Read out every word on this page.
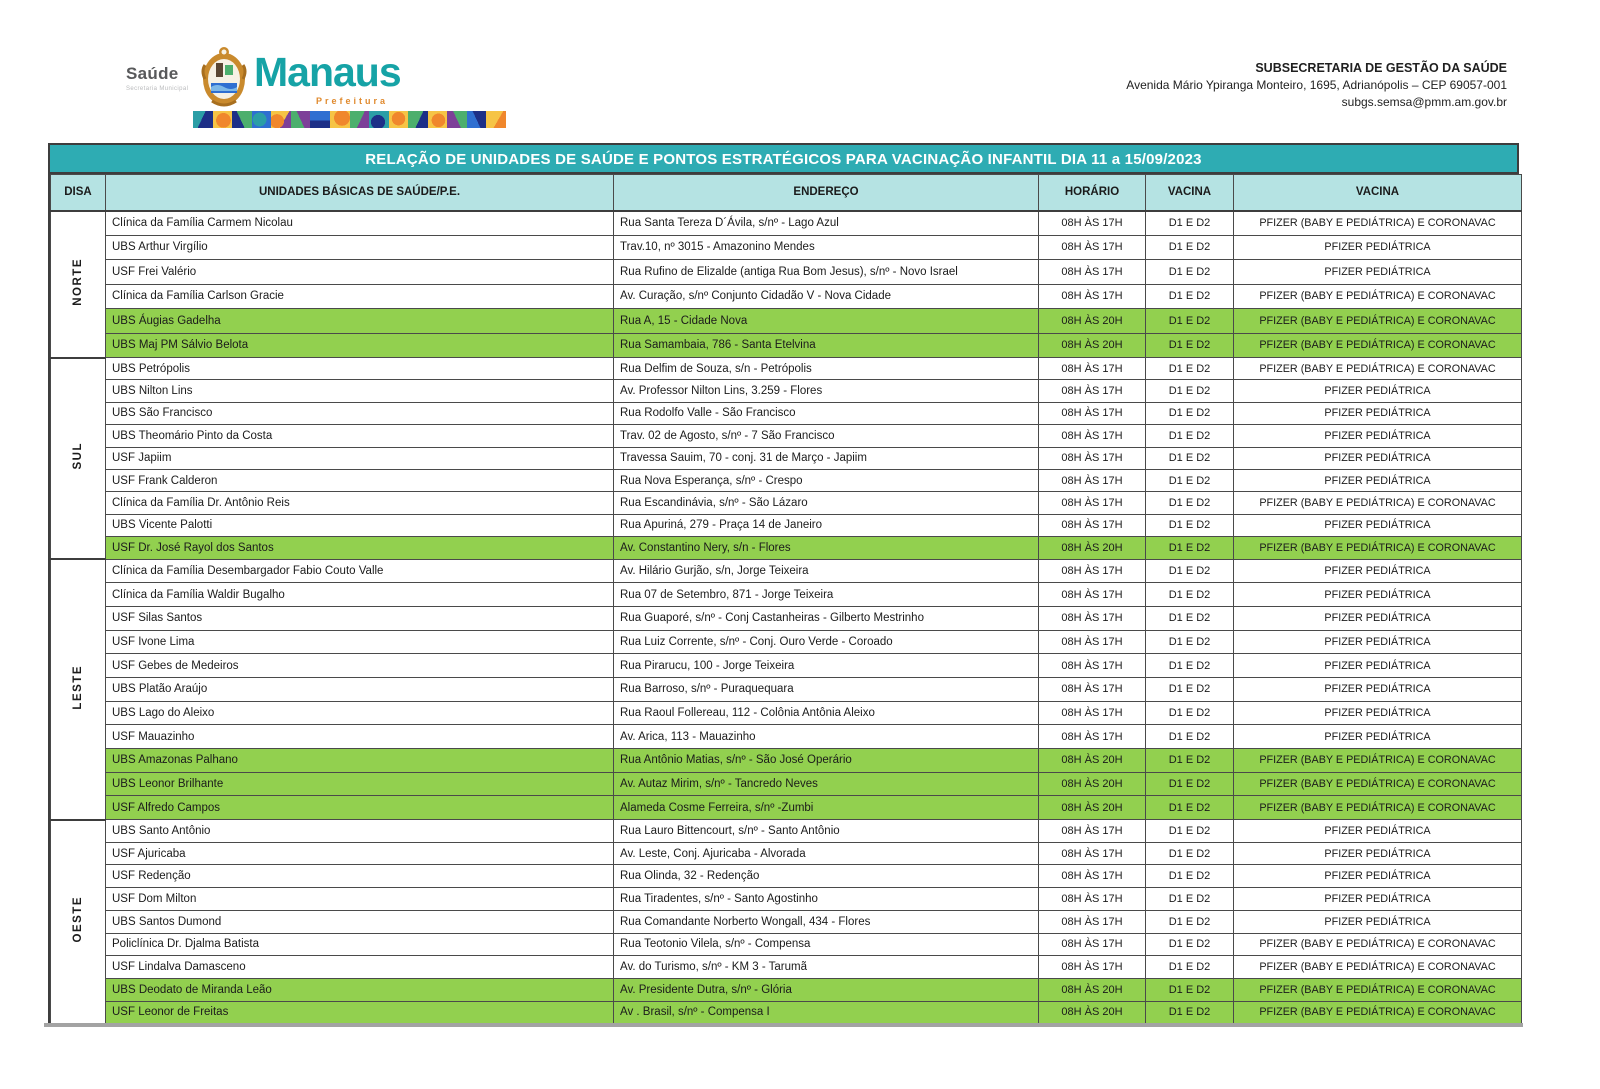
Saúde
Secretaria Municipal Manaus
Prefeitura
SUBSECRETARIA DE GESTÃO DA SAÚDE
Avenida Mário Ypiranga Monteiro, 1695, Adrianópolis – CEP 69057-001
subgs.semsa@pmm.am.gov.br
RELAÇÃO DE UNIDADES DE SAÚDE E PONTOS ESTRATÉGICOS PARA VACINAÇÃO INFANTIL DIA 11 a 15/09/2023
DISA	UNIDADES BÁSICAS DE SAÚDE/P.E.	ENDEREÇO	HORÁRIO	VACINA	VACINA
NORTE	Clínica da Família Carmem Nicolau	Rua Santa Tereza D´Ávila, s/nº - Lago Azul	08H ÀS 17H	D1 E D2	PFIZER (BABY E PEDIÁTRICA) E CORONAVAC
	UBS Arthur Virgílio	Trav.10, nº 3015 - Amazonino Mendes	08H ÀS 17H	D1 E D2	PFIZER PEDIÁTRICA
	USF Frei Valério	Rua Rufino de Elizalde (antiga Rua Bom Jesus), s/nº - Novo Israel	08H ÀS 17H	D1 E D2	PFIZER PEDIÁTRICA
	Clínica da Família Carlson Gracie	Av. Curação, s/nº Conjunto Cidadão V - Nova Cidade	08H ÀS 17H	D1 E D2	PFIZER (BABY E PEDIÁTRICA) E CORONAVAC
	UBS Áugias Gadelha	Rua A, 15 - Cidade Nova	08H ÀS 20H	D1 E D2	PFIZER (BABY E PEDIÁTRICA) E CORONAVAC
	UBS Maj PM Sálvio Belota	Rua Samambaia, 786 - Santa Etelvina	08H ÀS 20H	D1 E D2	PFIZER (BABY E PEDIÁTRICA) E CORONAVAC
SUL	UBS Petrópolis	Rua Delfim de Souza, s/n - Petrópolis	08H ÀS 17H	D1 E D2	PFIZER (BABY E PEDIÁTRICA) E CORONAVAC
	UBS Nilton Lins	Av. Professor Nilton Lins, 3.259 - Flores	08H ÀS 17H	D1 E D2	PFIZER PEDIÁTRICA
	UBS São Francisco	Rua Rodolfo Valle - São Francisco	08H ÀS 17H	D1 E D2	PFIZER PEDIÁTRICA
	UBS Theomário Pinto da Costa	Trav. 02 de Agosto, s/nº - 7 São Francisco	08H ÀS 17H	D1 E D2	PFIZER PEDIÁTRICA
	USF Japiim	Travessa Sauim, 70 - conj. 31 de Março - Japiim	08H ÀS 17H	D1 E D2	PFIZER PEDIÁTRICA
	USF Frank Calderon	Rua Nova Esperança, s/nº - Crespo	08H ÀS 17H	D1 E D2	PFIZER PEDIÁTRICA
	Clínica da Família Dr. Antônio Reis	Rua Escandinávia, s/nº - São Lázaro	08H ÀS 17H	D1 E D2	PFIZER (BABY E PEDIÁTRICA) E CORONAVAC
	UBS Vicente Palotti	Rua Apuriná, 279 - Praça 14 de Janeiro	08H ÀS 17H	D1 E D2	PFIZER PEDIÁTRICA
	USF Dr. José Rayol dos Santos	Av. Constantino Nery, s/n - Flores	08H ÀS 20H	D1 E D2	PFIZER (BABY E PEDIÁTRICA) E CORONAVAC
LESTE	Clínica da Família Desembargador Fabio Couto Valle	Av. Hilário Gurjão, s/n, Jorge Teixeira	08H ÀS 17H	D1 E D2	PFIZER PEDIÁTRICA
	Clínica da Família Waldir Bugalho	Rua 07 de Setembro, 871 - Jorge Teixeira	08H ÀS 17H	D1 E D2	PFIZER PEDIÁTRICA
	USF Silas Santos	Rua Guaporé, s/nº - Conj Castanheiras - Gilberto Mestrinho	08H ÀS 17H	D1 E D2	PFIZER PEDIÁTRICA
	USF Ivone Lima	Rua Luiz Corrente, s/nº - Conj. Ouro Verde - Coroado	08H ÀS 17H	D1 E D2	PFIZER PEDIÁTRICA
	USF Gebes de Medeiros	Rua Pirarucu, 100 - Jorge Teixeira	08H ÀS 17H	D1 E D2	PFIZER PEDIÁTRICA
	UBS Platão Araújo	Rua Barroso, s/nº - Puraquequara	08H ÀS 17H	D1 E D2	PFIZER PEDIÁTRICA
	UBS Lago do Aleixo	Rua Raoul Follereau, 112 - Colônia Antônia Aleixo	08H ÀS 17H	D1 E D2	PFIZER PEDIÁTRICA
	USF Mauazinho	Av. Arica, 113 - Mauazinho	08H ÀS 17H	D1 E D2	PFIZER PEDIÁTRICA
	UBS Amazonas Palhano	Rua Antônio Matias, s/nº - São José Operário	08H ÀS 20H	D1 E D2	PFIZER (BABY E PEDIÁTRICA) E CORONAVAC
	UBS Leonor Brilhante	Av. Autaz Mirim, s/nº - Tancredo Neves	08H ÀS 20H	D1 E D2	PFIZER (BABY E PEDIÁTRICA) E CORONAVAC
	USF Alfredo Campos	Alameda Cosme Ferreira, s/nº -Zumbi	08H ÀS 20H	D1 E D2	PFIZER (BABY E PEDIÁTRICA) E CORONAVAC
OESTE	UBS Santo Antônio	Rua Lauro Bittencourt, s/nº - Santo Antônio	08H ÀS 17H	D1 E D2	PFIZER PEDIÁTRICA
	USF Ajuricaba	Av. Leste, Conj. Ajuricaba - Alvorada	08H ÀS 17H	D1 E D2	PFIZER PEDIÁTRICA
	USF Redenção	Rua Olinda, 32 - Redenção	08H ÀS 17H	D1 E D2	PFIZER PEDIÁTRICA
	USF Dom Milton	Rua Tiradentes, s/nº - Santo Agostinho	08H ÀS 17H	D1 E D2	PFIZER PEDIÁTRICA
	UBS Santos Dumond	Rua Comandante Norberto Wongall, 434 - Flores	08H ÀS 17H	D1 E D2	PFIZER PEDIÁTRICA
	Policlínica Dr. Djalma Batista	Rua Teotonio Vilela, s/nº - Compensa	08H ÀS 17H	D1 E D2	PFIZER (BABY E PEDIÁTRICA) E CORONAVAC
	USF Lindalva Damasceno	Av. do Turismo, s/nº - KM 3 - Tarumã	08H ÀS 17H	D1 E D2	PFIZER (BABY E PEDIÁTRICA) E CORONAVAC
	UBS Deodato de Miranda Leão	Av. Presidente Dutra, s/nº - Glória	08H ÀS 20H	D1 E D2	PFIZER (BABY E PEDIÁTRICA) E CORONAVAC
	USF Leonor de Freitas	Av . Brasil, s/nº - Compensa I	08H ÀS 20H	D1 E D2	PFIZER (BABY E PEDIÁTRICA) E CORONAVAC
